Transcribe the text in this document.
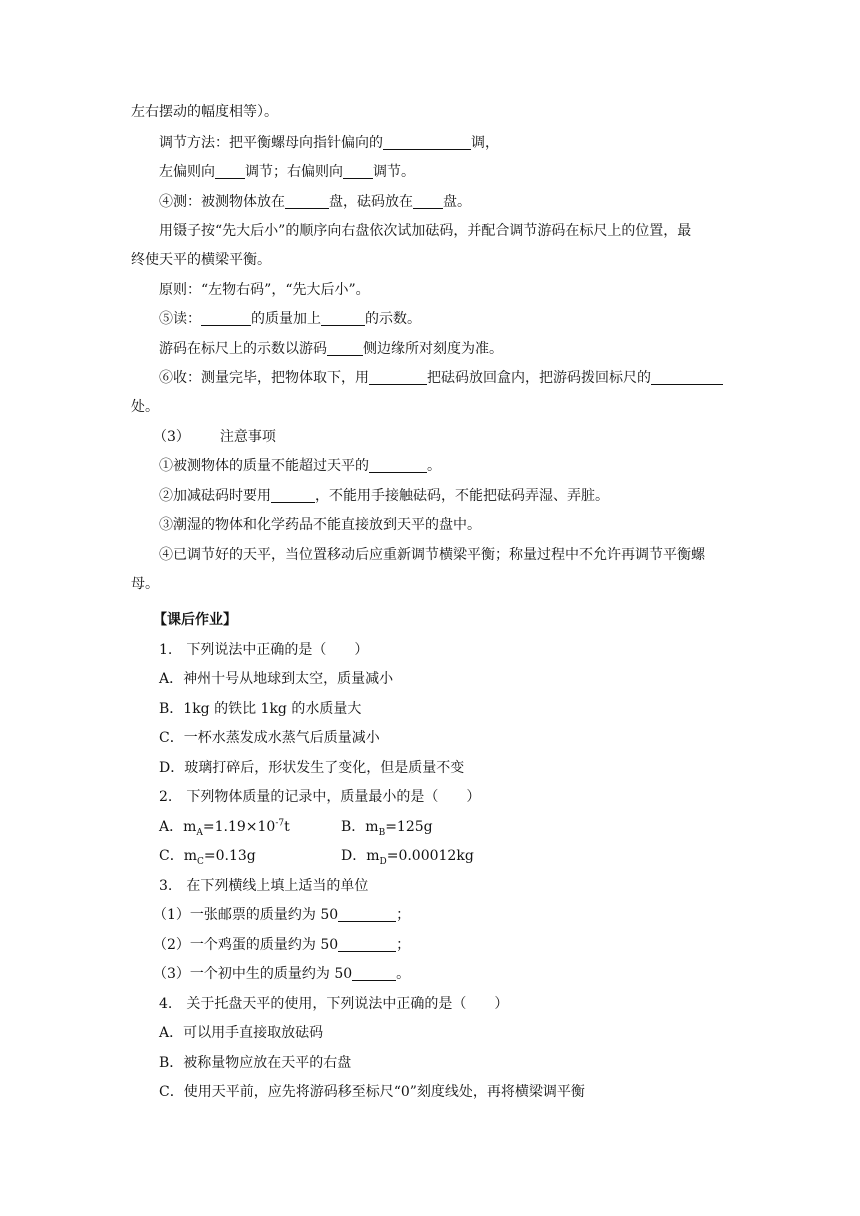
左右摆动的幅度相等）。
调节方法：把平衡螺母向指针偏向的	调，
左偏则向 调节；右偏则向 调节。
④测：被测物体放在	盘，砝码放在 盘。
用镊子按“先大后小”的顺序向右盘依次试加砝码，并配合调节游码在标尺上的位置，最
终使天平的横梁平衡。
原则：“左物右码”，“先大后小”。
⑤读：	的质量加上	的示数。
游码在标尺上的示数以游码	侧边缘所对刻度为准。
⑥收：测量完毕，把物体取下，用	把砝码放回盒内，把游码拨回标尺的
处。
（3） 注意事项
①被测物体的质量不能超过天平的	。
②加减砝码时要用	，不能用手接触砝码，不能把砝码弄湿、弄脏。
③潮湿的物体和化学药品不能直接放到天平的盘中。
④已调节好的天平，当位置移动后应重新调节横梁平衡；称量过程中不允许再调节平衡螺
母。
【课后作业】
1. 下列说法中正确的是（　　）
A．神州十号从地球到太空，质量减小
B．1kg 的铁比 1kg 的水质量大
C．一杯水蒸发成水蒸气后质量减小
D．玻璃打碎后，形状发生了变化，但是质量不变
2. 下列物体质量的记录中，质量最小的是（　　）
A．$m_A=1.19\times 10^{-7}t$	B．$m_B=125g$
C．$m_C=0.13g$	D．$m_D=0.00012kg$
3. 在下列横线上填上适当的单位
（1）一张邮票的质量约为 50	；
（2）一个鸡蛋的质量约为 50	；
（3）一个初中生的质量约为 50	。
4. 关于托盘天平的使用，下列说法中正确的是（　　）
A．可以用手直接取放砝码
B．被称量物应放在天平的右盘
C．使用天平前，应先将游码移至标尺“0”刻度线处，再将横梁调平衡
